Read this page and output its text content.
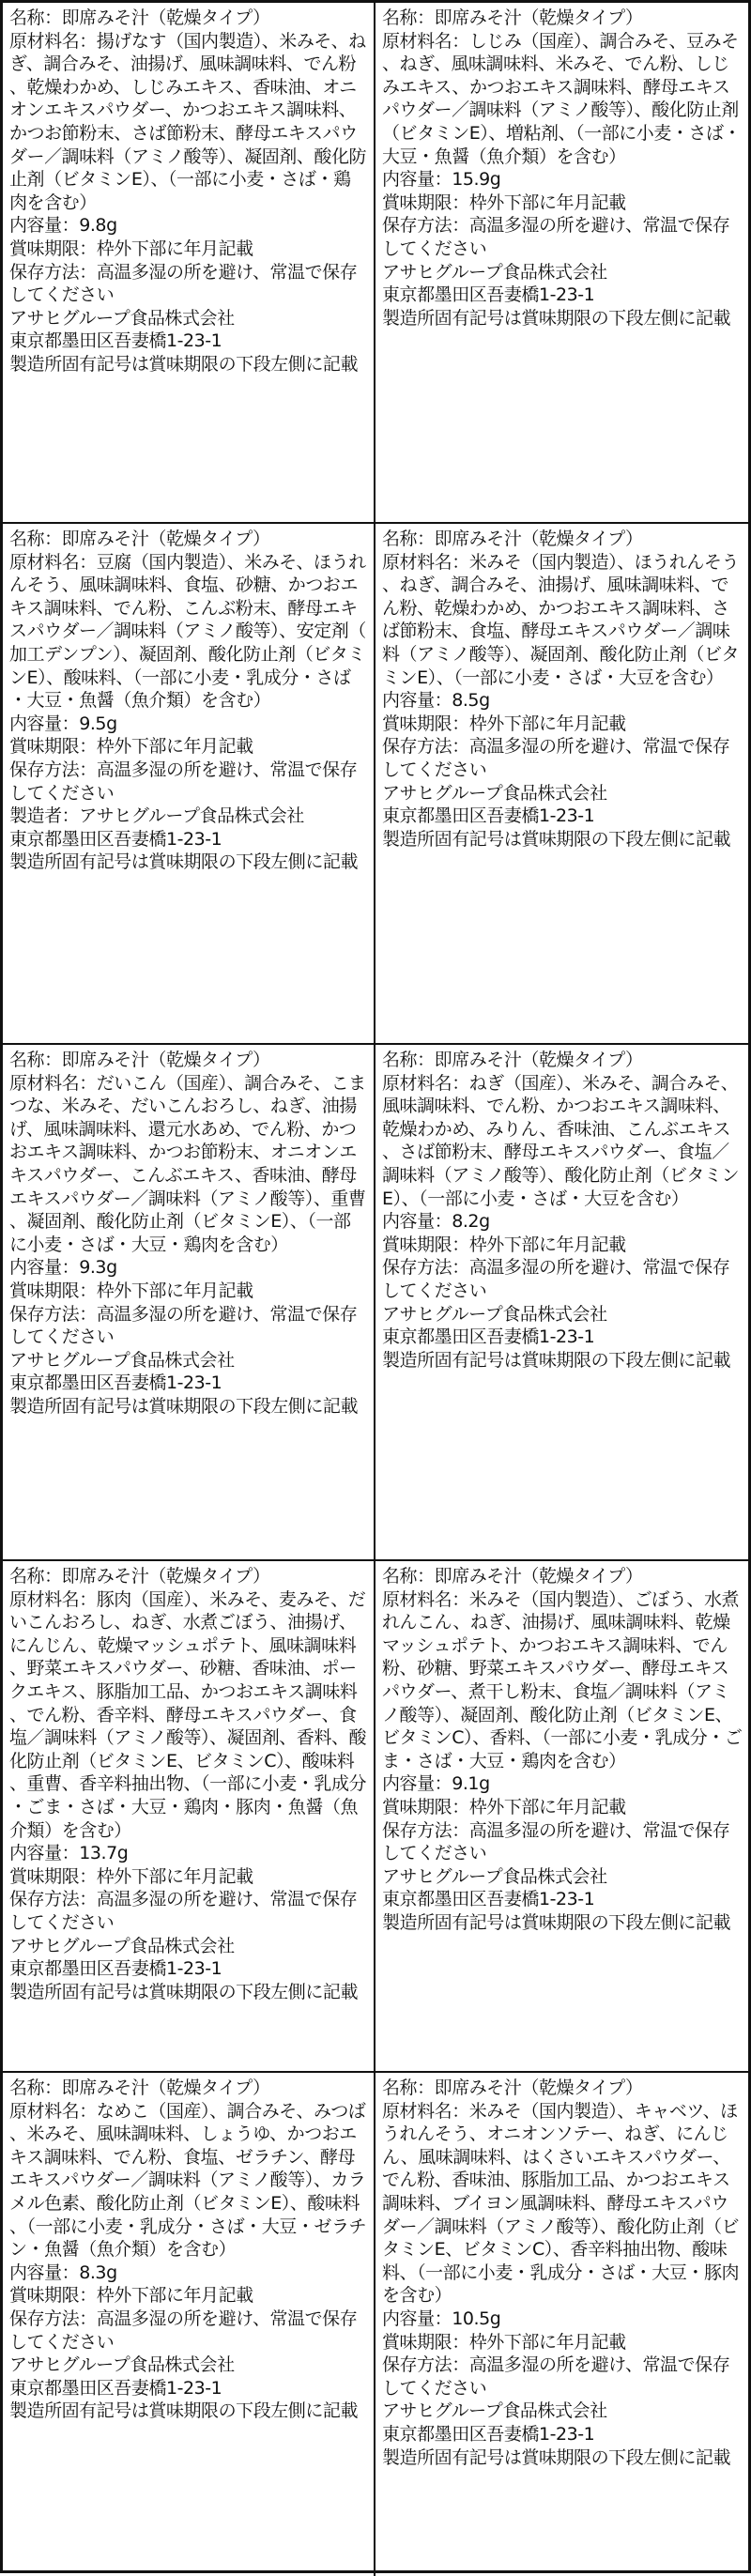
名称：即席みそ汁（乾燥タイプ）
原材料名：揚げなす（国内製造）、米みそ、ねぎ、調合みそ、油揚げ、風味調味料、でん粉、乾燥わかめ、しじみエキス、香味油、オニオンエキスパウダー、かつおエキス調味料、かつお節粉末、さば節粉末、酵母エキスパウダー／調味料（アミノ酸等）、凝固剤、酸化防止剤（ビタミンE）、（一部に小麦・さば・鶏肉を含む）
内容量：9.8g
賞味期限：枠外下部に年月記載
保存方法：高温多湿の所を避け、常温で保存してください
アサヒグループ食品株式会社
東京都墨田区吾妻橋1-23-1
製造所固有記号は賞味期限の下段左側に記載
名称：即席みそ汁（乾燥タイプ）
原材料名：しじみ（国産）、調合みそ、豆みそ、ねぎ、風味調味料、米みそ、でん粉、しじみエキス、かつおエキス調味料、酵母エキスパウダー／調味料（アミノ酸等）、酸化防止剤（ビタミンE）、増粘剤、（一部に小麦・さば・大豆・魚醤（魚介類）を含む）
内容量：15.9g
賞味期限：枠外下部に年月記載
保存方法：高温多湿の所を避け、常温で保存してください
アサヒグループ食品株式会社
東京都墨田区吾妻橋1-23-1
製造所固有記号は賞味期限の下段左側に記載
名称：即席みそ汁（乾燥タイプ）
原材料名：豆腐（国内製造）、米みそ、ほうれんそう、風味調味料、食塩、砂糖、かつおエキス調味料、でん粉、こんぶ粉末、酵母エキスパウダー／調味料（アミノ酸等）、安定剤（加工デンプン）、凝固剤、酸化防止剤（ビタミンE）、酸味料、（一部に小麦・乳成分・さば・大豆・魚醤（魚介類）を含む）
内容量：9.5g
賞味期限：枠外下部に年月記載
保存方法：高温多湿の所を避け、常温で保存してください
製造者：アサヒグループ食品株式会社
東京都墨田区吾妻橋1-23-1
製造所固有記号は賞味期限の下段左側に記載
名称：即席みそ汁（乾燥タイプ）
原材料名：米みそ（国内製造）、ほうれんそう、ねぎ、調合みそ、油揚げ、風味調味料、でん粉、乾燥わかめ、かつおエキス調味料、さば節粉末、食塩、酵母エキスパウダー／調味料（アミノ酸等）、凝固剤、酸化防止剤（ビタミンE）、（一部に小麦・さば・大豆を含む）
内容量：8.5g
賞味期限：枠外下部に年月記載
保存方法：高温多湿の所を避け、常温で保存してください
アサヒグループ食品株式会社
東京都墨田区吾妻橋1-23-1
製造所固有記号は賞味期限の下段左側に記載
名称：即席みそ汁（乾燥タイプ）
原材料名：だいこん（国産）、調合みそ、こまつな、米みそ、だいこんおろし、ねぎ、油揚げ、風味調味料、還元水あめ、でん粉、かつおエキス調味料、かつお節粉末、オニオンエキスパウダー、こんぶエキス、香味油、酵母エキスパウダー／調味料（アミノ酸等）、重曹、凝固剤、酸化防止剤（ビタミンE）、（一部に小麦・さば・大豆・鶏肉を含む）
内容量：9.3g
賞味期限：枠外下部に年月記載
保存方法：高温多湿の所を避け、常温で保存してください
アサヒグループ食品株式会社
東京都墨田区吾妻橋1-23-1
製造所固有記号は賞味期限の下段左側に記載
名称：即席みそ汁（乾燥タイプ）
原材料名：ねぎ（国産）、米みそ、調合みそ、風味調味料、でん粉、かつおエキス調味料、乾燥わかめ、みりん、香味油、こんぶエキス、さば節粉末、酵母エキスパウダー、食塩／調味料（アミノ酸等）、酸化防止剤（ビタミンE）、（一部に小麦・さば・大豆を含む）
内容量：8.2g
賞味期限：枠外下部に年月記載
保存方法：高温多湿の所を避け、常温で保存してください
アサヒグループ食品株式会社
東京都墨田区吾妻橋1-23-1
製造所固有記号は賞味期限の下段左側に記載
名称：即席みそ汁（乾燥タイプ）
原材料名：豚肉（国産）、米みそ、麦みそ、だいこんおろし、ねぎ、水煮ごぼう、油揚げ、にんじん、乾燥マッシュポテト、風味調味料、野菜エキスパウダー、砂糖、香味油、ポークエキス、豚脂加工品、かつおエキス調味料、でん粉、香辛料、酵母エキスパウダー、食塩／調味料（アミノ酸等）、凝固剤、香料、酸化防止剤（ビタミンE、ビタミンC）、酸味料、重曹、香辛料抽出物、（一部に小麦・乳成分・ごま・さば・大豆・鶏肉・豚肉・魚醤（魚介類）を含む）
内容量：13.7g
賞味期限：枠外下部に年月記載
保存方法：高温多湿の所を避け、常温で保存してください
アサヒグループ食品株式会社
東京都墨田区吾妻橋1-23-1
製造所固有記号は賞味期限の下段左側に記載
名称：即席みそ汁（乾燥タイプ）
原材料名：米みそ（国内製造）、ごぼう、水煮れんこん、ねぎ、油揚げ、風味調味料、乾燥マッシュポテト、かつおエキス調味料、でん粉、砂糖、野菜エキスパウダー、酵母エキスパウダー、煮干し粉末、食塩／調味料（アミノ酸等）、凝固剤、酸化防止剤（ビタミンE、ビタミンC）、香料、（一部に小麦・乳成分・ごま・さば・大豆・鶏肉を含む）
内容量：9.1g
賞味期限：枠外下部に年月記載
保存方法：高温多湿の所を避け、常温で保存してください
アサヒグループ食品株式会社
東京都墨田区吾妻橋1-23-1
製造所固有記号は賞味期限の下段左側に記載
名称：即席みそ汁（乾燥タイプ）
原材料名：なめこ（国産）、調合みそ、みつば、米みそ、風味調味料、しょうゆ、かつおエキス調味料、でん粉、食塩、ゼラチン、酵母エキスパウダー／調味料（アミノ酸等）、カラメル色素、酸化防止剤（ビタミンE）、酸味料、（一部に小麦・乳成分・さば・大豆・ゼラチン・魚醤（魚介類）を含む）
内容量：8.3g
賞味期限：枠外下部に年月記載
保存方法：高温多湿の所を避け、常温で保存してください
アサヒグループ食品株式会社
東京都墨田区吾妻橋1-23-1
製造所固有記号は賞味期限の下段左側に記載
名称：即席みそ汁（乾燥タイプ）
原材料名：米みそ（国内製造）、キャベツ、ほうれんそう、オニオンソテー、ねぎ、にんじん、風味調味料、はくさいエキスパウダー、でん粉、香味油、豚脂加工品、かつおエキス調味料、ブイヨン風調味料、酵母エキスパウダー／調味料（アミノ酸等）、酸化防止剤（ビタミンE、ビタミンC）、香辛料抽出物、酸味料、（一部に小麦・乳成分・さば・大豆・豚肉を含む）
内容量：10.5g
賞味期限：枠外下部に年月記載
保存方法：高温多湿の所を避け、常温で保存してください
アサヒグループ食品株式会社
東京都墨田区吾妻橋1-23-1
製造所固有記号は賞味期限の下段左側に記載
